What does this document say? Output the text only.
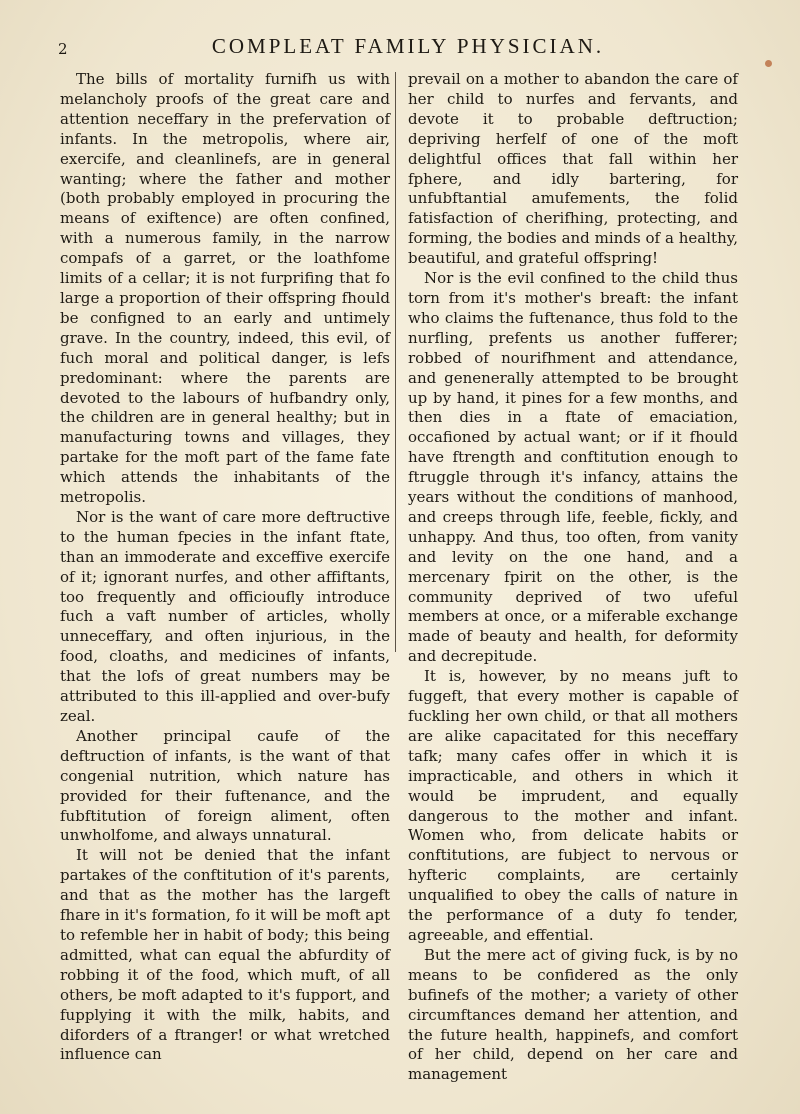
2	COMPLEAT FAMILY PHYSICIAN.

The bills of mortality furnifh us with melancholy proofs of the great care and attention neceffary in the prefervation of infants. In the metropolis, where air, exercife, and cleanlinefs, are in general wanting; where the father and mother (both probably employed in procuring the means of exiftence) are often confined, with a numerous family, in the narrow compafs of a garret, or the loathfome limits of a cellar; it is not furprifing that fo large a proportion of their offspring fhould be configned to an early and untimely grave. In the country, indeed, this evil, of fuch moral and political danger, is lefs predominant: where the parents are devoted to the labours of hufbandry only, the children are in general healthy; but in manufacturing towns and villages, they partake for the moft part of the fame fate which attends the inhabitants of the metropolis.

Nor is the want of care more deftructive to the human fpecies in the infant ftate, than an immoderate and exceffive exercife of it; ignorant nurfes, and other affiftants, too frequently and officioufly introduce fuch a vaft number of articles, wholly unneceffary, and often injurious, in the food, cloaths, and medicines of infants, that the lofs of great numbers may be attributed to this ill-applied and over-bufy zeal.

Another principal caufe of the deftruction of infants, is the want of that congenial nutrition, which nature has provided for their fuftenance, and the fubftitution of foreign aliment, often unwholfome, and always unnatural.

It will not be denied that the infant partakes of the conftitution of it's parents, and that as the mother has the largeft fhare in it's formation, fo it will be moft apt to refemble her in habit of body; this being admitted, what can equal the abfurdity of robbing it of the food, which muft, of all others, be moft adapted to it's fupport, and fupplying it with the milk, habits, and diforders of a ftranger! or what wretched influence can

prevail on a mother to abandon the care of her child to nurfes and fervants, and devote it to probable deftruction; depriving herfelf of one of the moft delightful offices that fall within her fphere, and idly bartering, for unfubftantial amufements, the folid fatisfaction of cherifhing, protecting, and forming, the bodies and minds of a healthy, beautiful, and grateful offspring!

Nor is the evil confined to the child thus torn from it's mother's breaft: the infant who claims the fuftenance, thus fold to the nurfling, prefents us another fufferer; robbed of nourifhment and attendance, and genenerally attempted to be brought up by hand, it pines for a few months, and then dies in a ftate of emaciation, occafioned by actual want; or if it fhould have ftrength and conftitution enough to ftruggle through it's infancy, attains the years without the conditions of manhood, and creeps through life, feeble, fickly, and unhappy. And thus, too often, from vanity and levity on the one hand, and a mercenary fpirit on the other, is the community deprived of two ufeful members at once, or a miferable exchange made of beauty and health, for deformity and decrepitude.

It is, however, by no means juft to fuggeft, that every mother is capable of fuckling her own child, or that all mothers are alike capacitated for this neceffary tafk; many cafes offer in which it is impracticable, and others in which it would be imprudent, and equally dangerous to the mother and infant. Women who, from delicate habits or conftitutions, are fubject to nervous or hyfteric complaints, are certainly unqualified to obey the calls of nature in the performance of a duty fo tender, agreeable, and effential.

But the mere act of giving fuck, is by no means to be confidered as the only bufinefs of the mother; a variety of other circumftances demand her attention, and the future health, happinefs, and comfort of her child, depend on her care and management
